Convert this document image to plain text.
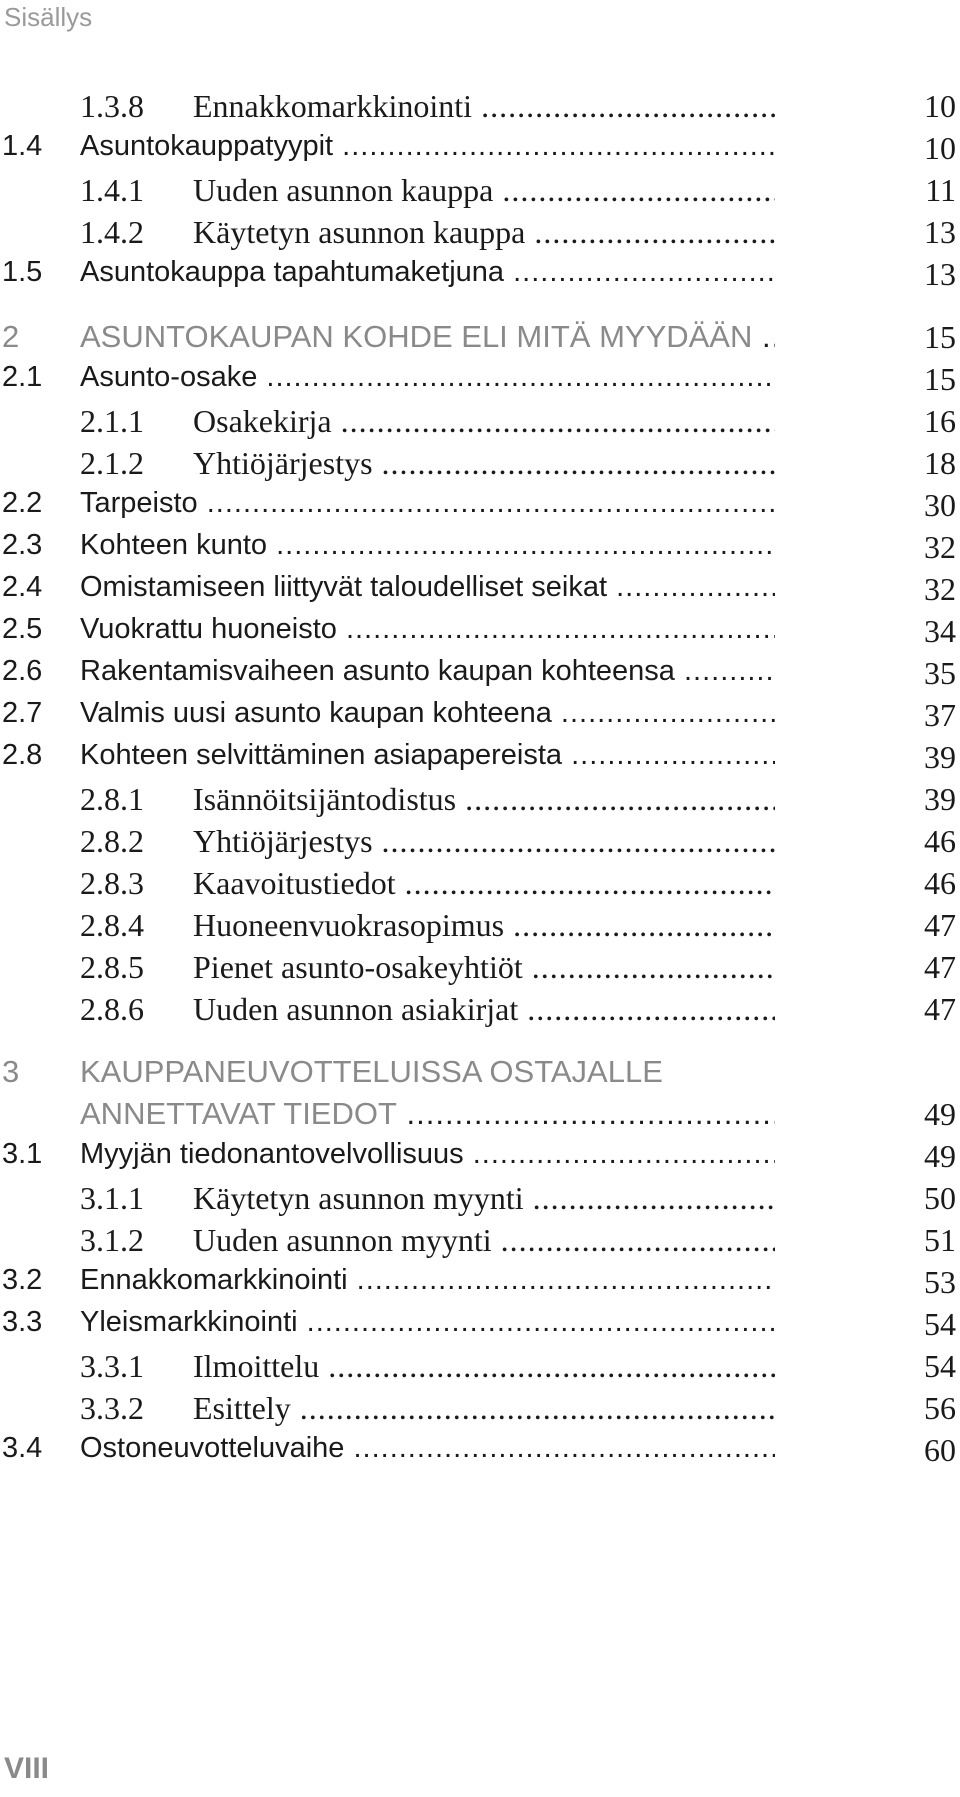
Sisällys
1.3.8 Ennakkomarkkinointi .....	10
1.4 Asuntokauppatyypit .....	10
1.4.1 Uuden asunnon kauppa .....	11
1.4.2 Käytetyn asunnon kauppa .....	13
1.5 Asuntokauppa tapahtumaketjuna .....	13
2 ASUNTOKAUPAN KOHDE ELI MITÄ MYYDÄÄN .....	15
2.1 Asunto-osake .....	15
2.1.1 Osakekirja .....	16
2.1.2 Yhtiöjärjestys .....	18
2.2 Tarpeisto .....	30
2.3 Kohteen kunto .....	32
2.4 Omistamiseen liittyvät taloudelliset seikat .....	32
2.5 Vuokrattu huoneisto .....	34
2.6 Rakentamisvaiheen asunto kaupan kohteensa .....	35
2.7 Valmis uusi asunto kaupan kohteena .....	37
2.8 Kohteen selvittäminen asiapapereista .....	39
2.8.1 Isännöitsijäntodistus .....	39
2.8.2 Yhtiöjärjestys .....	46
2.8.3 Kaavoitustiedot .....	46
2.8.4 Huoneenvuokrasopimus .....	47
2.8.5 Pienet asunto-osakeyhtiöt .....	47
2.8.6 Uuden asunnon asiakirjat .....	47
3 KAUPPANEUVOTTELUISSA OSTAJALLE
ANNETTAVAT TIEDOT .....	49
3.1 Myyjän tiedonantovelvollisuus .....	49
3.1.1 Käytetyn asunnon myynti .....	50
3.1.2 Uuden asunnon myynti .....	51
3.2 Ennakkomarkkinointi .....	53
3.3 Yleismarkkinointi .....	54
3.3.1 Ilmoittelu .....	54
3.3.2 Esittely .....	56
3.4 Ostoneuvotteluvaihe .....	60
VIII
